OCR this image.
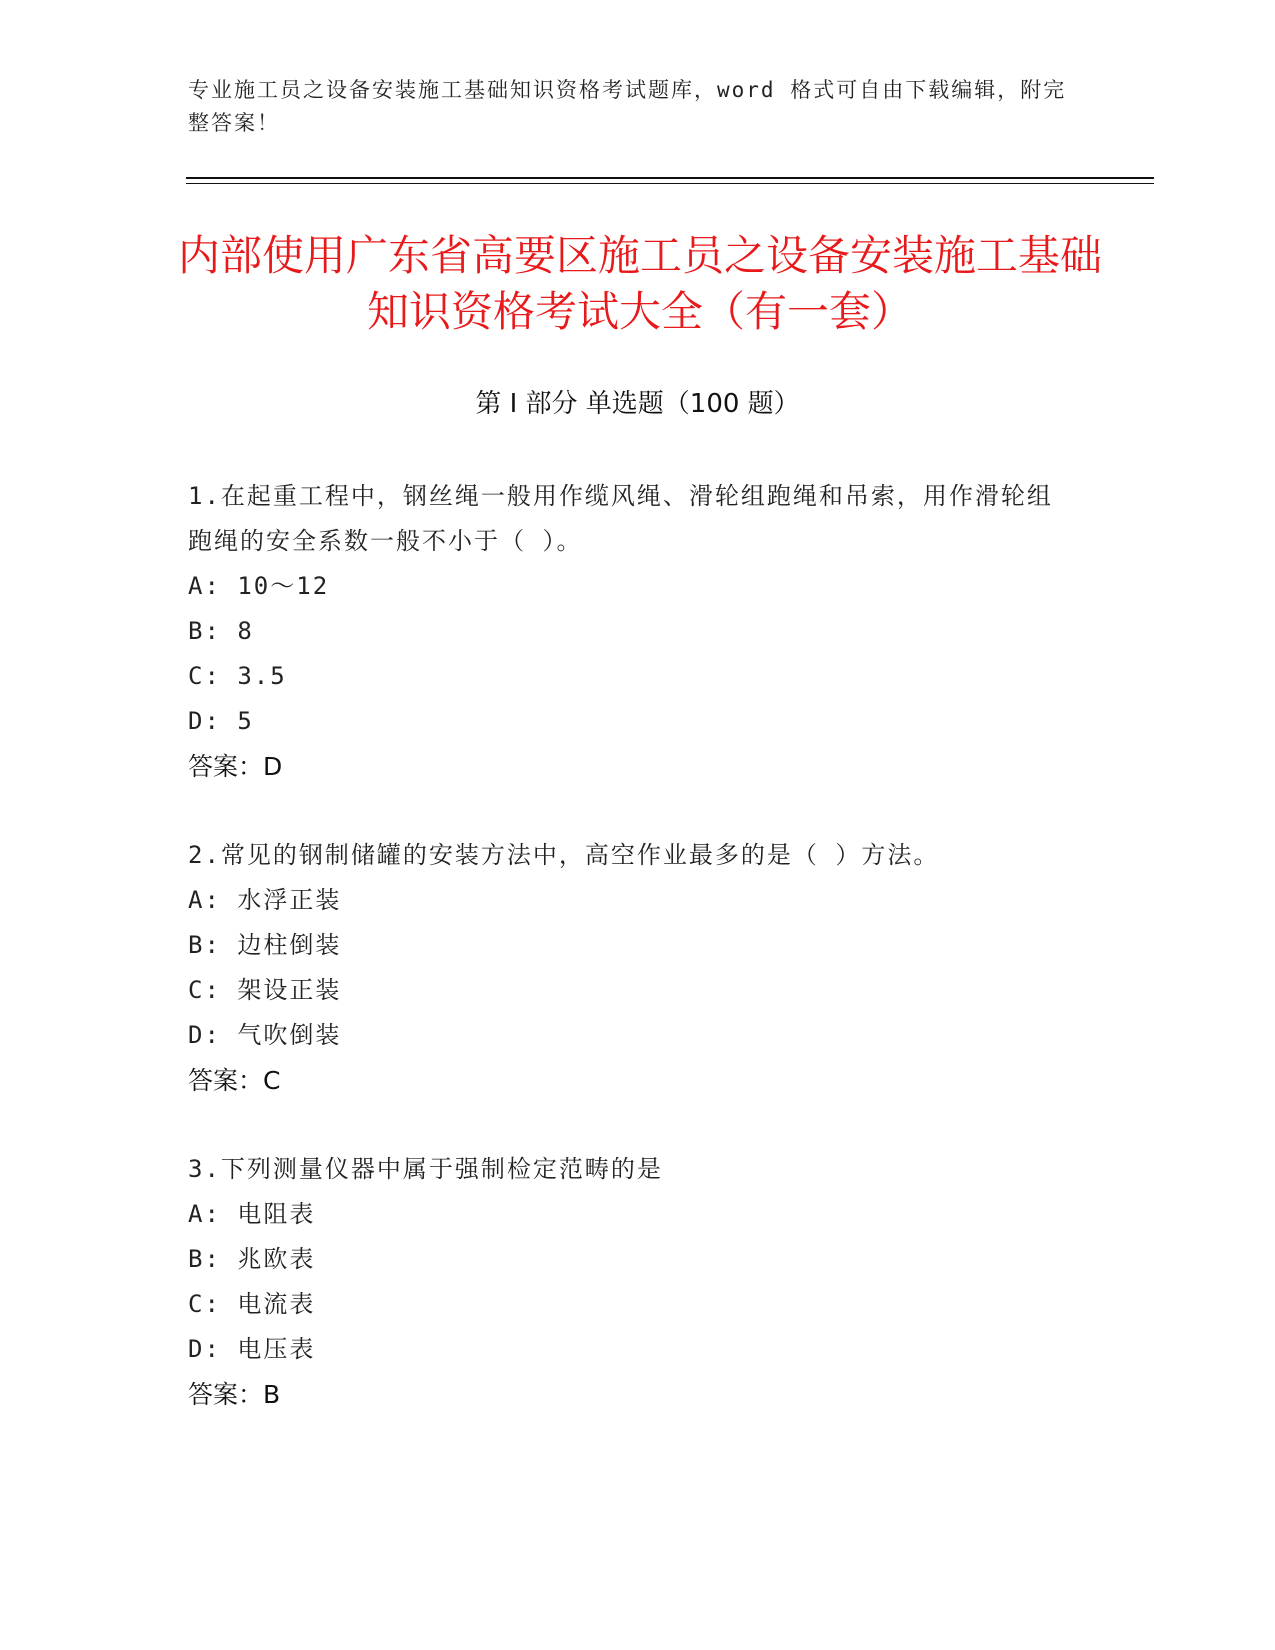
专业施工员之设备安装施工基础知识资格考试题库，word 格式可自由下载编辑，附完整答案！
内部使用广东省高要区施工员之设备安装施工基础知识资格考试大全（有一套）
第 I 部分 单选题（100 题）
1.在起重工程中，钢丝绳一般用作缆风绳、滑轮组跑绳和吊索，用作滑轮组跑绳的安全系数一般不小于（ ）。
A: 10～12
B: 8
C: 3.5
D: 5
答案：D
2.常见的钢制储罐的安装方法中，高空作业最多的是（ ）方法。
A: 水浮正装
B: 边柱倒装
C: 架设正装
D: 气吹倒装
答案：C
3.下列测量仪器中属于强制检定范畴的是
A: 电阻表
B: 兆欧表
C: 电流表
D: 电压表
答案：B
